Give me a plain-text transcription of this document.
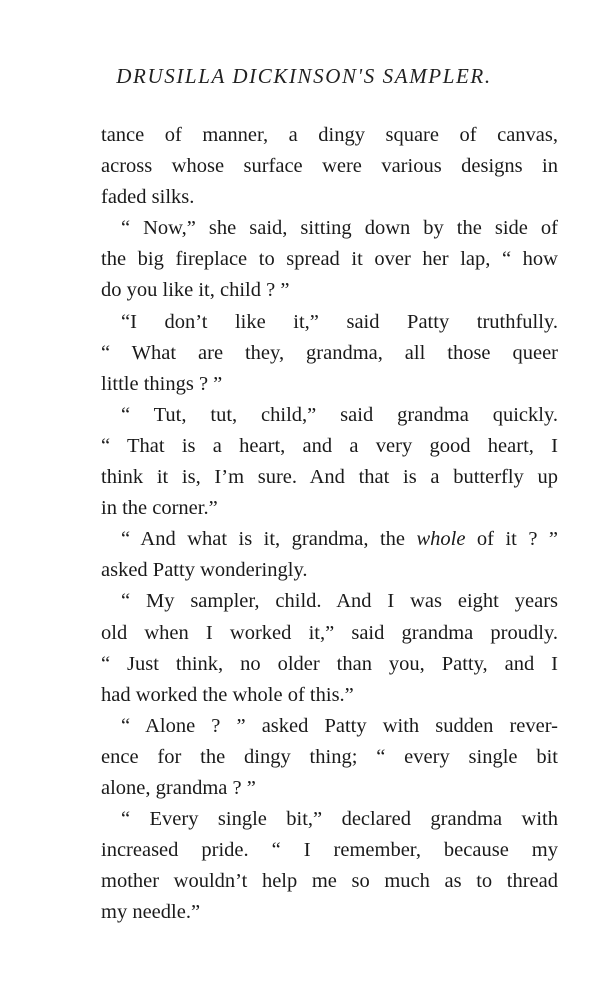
DRUSILLA DICKINSON'S SAMPLER.
tance of manner, a dingy square of canvas,
across whose surface were various designs in
faded silks.
“ Now,” she said, sitting down by the side of
the big fireplace to spread it over her lap, “ how
do you like it, child ? ”
“I don’t like it,” said Patty truthfully.
“ What are they, grandma, all those queer
little things ? ”
“ Tut, tut, child,” said grandma quickly.
“ That is a heart, and a very good heart, I
think it is, I’m sure. And that is a butterfly up
in the corner.”
“ And what is it, grandma, the whole of it ? ”
asked Patty wonderingly.
“ My sampler, child. And I was eight years
old when I worked it,” said grandma proudly.
“ Just think, no older than you, Patty, and I
had worked the whole of this.”
“ Alone ? ” asked Patty with sudden rever-
ence for the dingy thing; “ every single bit
alone, grandma ? ”
“ Every single bit,” declared grandma with
increased pride. “ I remember, because my
mother wouldn’t help me so much as to thread
my needle.”
